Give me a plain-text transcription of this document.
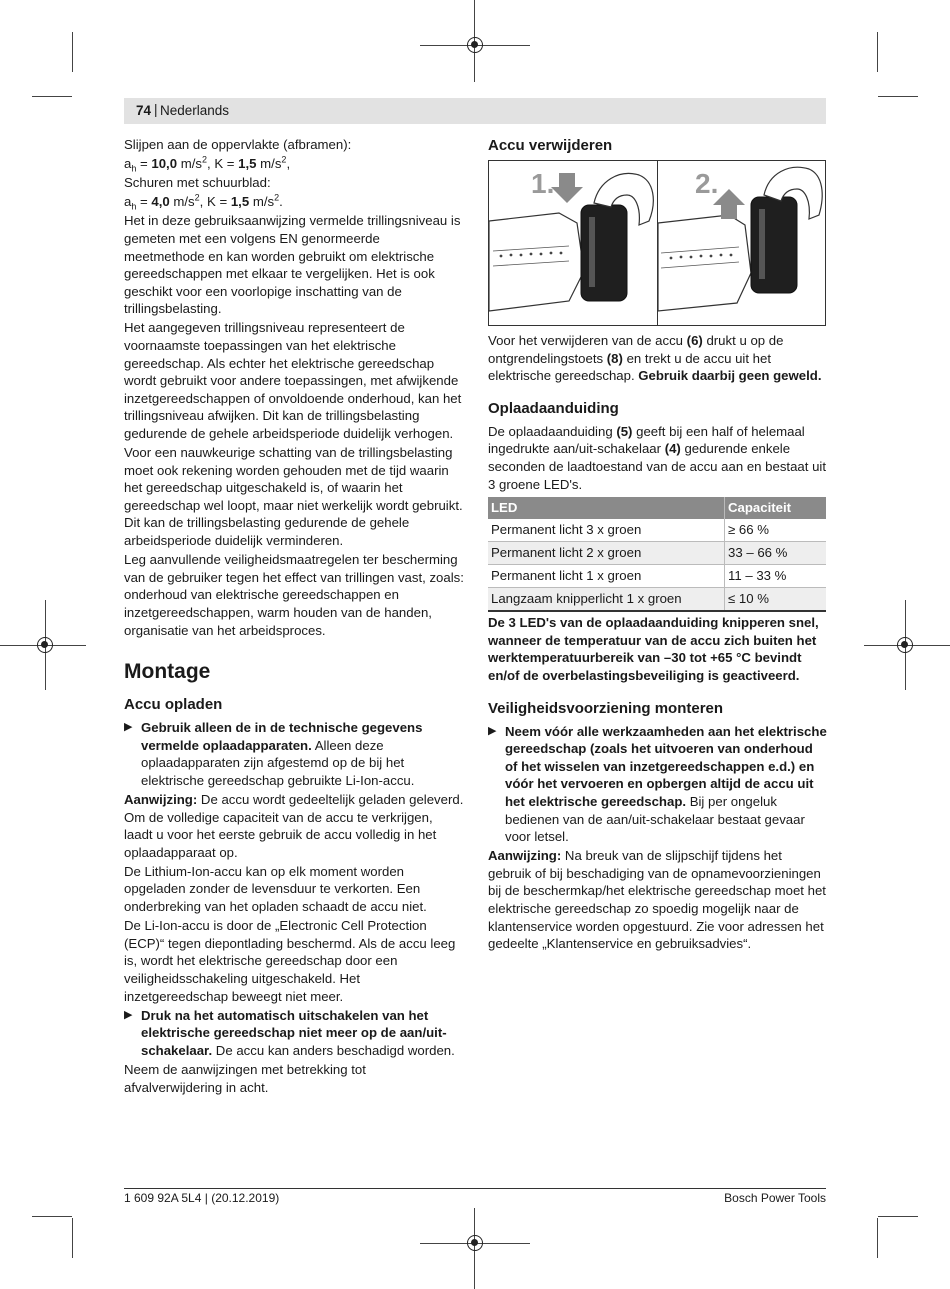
74 | Nederlands

Slijpen aan de oppervlakte (afbramen):

$a_h = 10,0$ $m/s^2$, K = 1,5 $m/s^2$,

Schuren met schuurblad:

$a_h = 4,0$ $m/s^2$, K = 1,5 $m/s^2$.

Het in deze gebruiksaanwijzing vermelde trillingsniveau is gemeten met een volgens EN genormeerde meetmethode en kan worden gebruikt om elektrische gereedschappen met elkaar te vergelijken. Het is ook geschikt voor een voorlopige inschatting van de trillingsbelasting.

Het aangegeven trillingsniveau representeert de voornaamste toepassingen van het elektrische gereedschap. Als echter het elektrische gereedschap wordt gebruikt voor andere toepassingen, met afwijkende inzetgereedschappen of onvoldoende onderhoud, kan het trillingsniveau afwijken. Dit kan de trillingsbelasting gedurende de gehele arbeidsperiode duidelijk verhogen.

Voor een nauwkeurige schatting van de trillingsbelasting moet ook rekening worden gehouden met de tijd waarin het gereedschap uitgeschakeld is, of waarin het gereedschap wel loopt, maar niet werkelijk wordt gebruikt. Dit kan de trillingsbelasting gedurende de gehele arbeidsperiode duidelijk verminderen.

Leg aanvullende veiligheidsmaatregelen ter bescherming van de gebruiker tegen het effect van trillingen vast, zoals: onderhoud van elektrische gereedschappen en inzetgereedschappen, warm houden van de handen, organisatie van het arbeidsproces.

Montage
Accu opladen
▶ Gebruik alleen de in de technische gegevens vermelde oplaadapparaten. Alleen deze oplaadapparaten zijn afgestemd op de bij het elektrische gereedschap gebruikte Li-Ion-accu.

Aanwijzing: De accu wordt gedeeltelijk geladen geleverd. Om de volledige capaciteit van de accu te verkrijgen, laadt u voor het eerste gebruik de accu volledig in het oplaadapparaat op.

De Lithium-Ion-accu kan op elk moment worden opgeladen zonder de levensduur te verkorten. Een onderbreking van het opladen schaadt de accu niet.

De Li-Ion-accu is door de „Electronic Cell Protection (ECP)“ tegen diepontlading beschermd. Als de accu leeg is, wordt het elektrische gereedschap door een veiligheidsschakeling uitgeschakeld. Het inzetgereedschap beweegt niet meer.

▶ Druk na het automatisch uitschakelen van het elektrische gereedschap niet meer op de aan/uit-schakelaar. De accu kan anders beschadigd worden.

Neem de aanwijzingen met betrekking tot afvalverwijdering in acht.

Accu verwijderen
1.	2.

Voor het verwijderen van de accu (6) drukt u op de ontgrendelingstoets (8) en trekt u de accu uit het elektrische gereedschap. Gebruik daarbij geen geweld.

Oplaadaanduiding

De oplaadaanduiding (5) geeft bij een half of helemaal ingedrukte aan/uit-schakelaar (4) gedurende enkele seconden de laadtoestand van de accu aan en bestaat uit 3 groene LED's.

LED	Capaciteit
Permanent licht 3 x groen	≥ 66 %
Permanent licht 2 x groen	33 – 66 %
Permanent licht 1 x groen	11 – 33 %
Langzaam knipperlicht 1 x groen	≤ 10 %

De 3 LED's van de oplaadaanduiding knipperen snel, wanneer de temperatuur van de accu zich buiten het werktemperatuurbereik van –30 tot +65 °C bevindt en/of de overbelastingsbeveiliging is geactiveerd.

Veiligheidsvoorziening monteren
▶ Neem vóór alle werkzaamheden aan het elektrische gereedschap (zoals het uitvoeren van onderhoud of het wisselen van inzetgereedschappen e.d.) en vóór het vervoeren en opbergen altijd de accu uit het elektrische gereedschap. Bij per ongeluk bedienen van de aan/uit-schakelaar bestaat gevaar voor letsel.

Aanwijzing: Na breuk van de slijpschijf tijdens het gebruik of bij beschadiging van de opnamevoorzieningen bij de beschermkap/het elektrische gereedschap moet het elektrische gereedschap zo spoedig mogelijk naar de klantenservice worden opgestuurd. Zie voor adressen het gedeelte „Klantenservice en gebruiksadvies“.

1 609 92A 5L4 | (20.12.2019)	Bosch Power Tools
